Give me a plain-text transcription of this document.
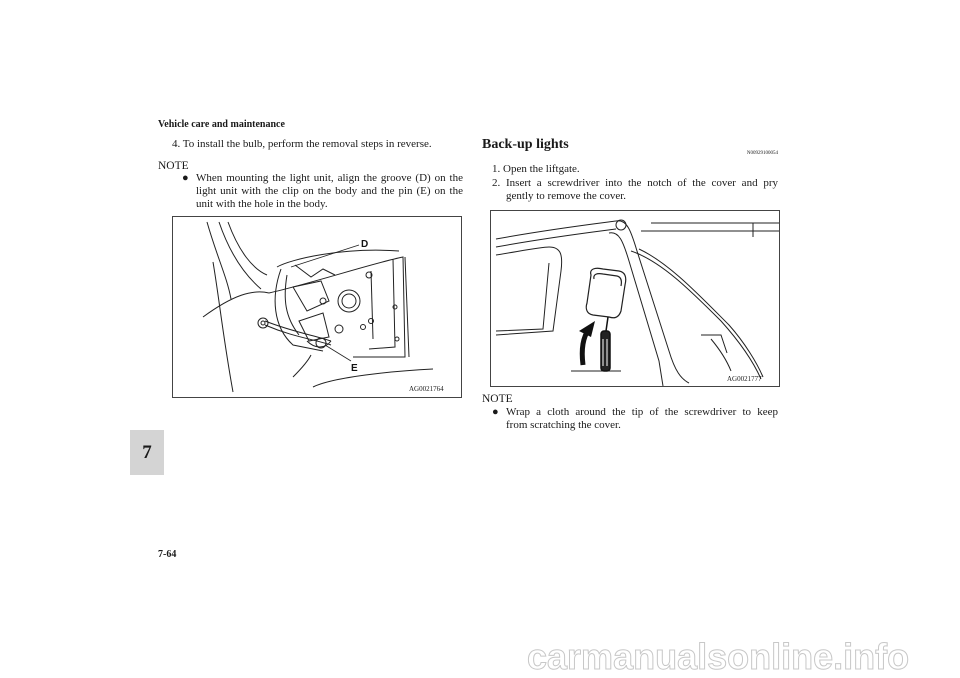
Vehicle care and maintenance
7
7-64
4. To install the bulb, perform the removal steps in reverse.
NOTE
● When mounting the light unit, align the groove (D) on the
light unit with the clip on the body and the pin (E) on the
unit with the hole in the body.
D
E
AG0021764
Back-up lights
N00929100054
1. Open the liftgate.
2. Insert a screwdriver into the notch of the cover and pry
gently to remove the cover.
AG0021777
NOTE
● Wrap a cloth around the tip of the screwdriver to keep
from scratching the cover.
carmanualsonline.info
